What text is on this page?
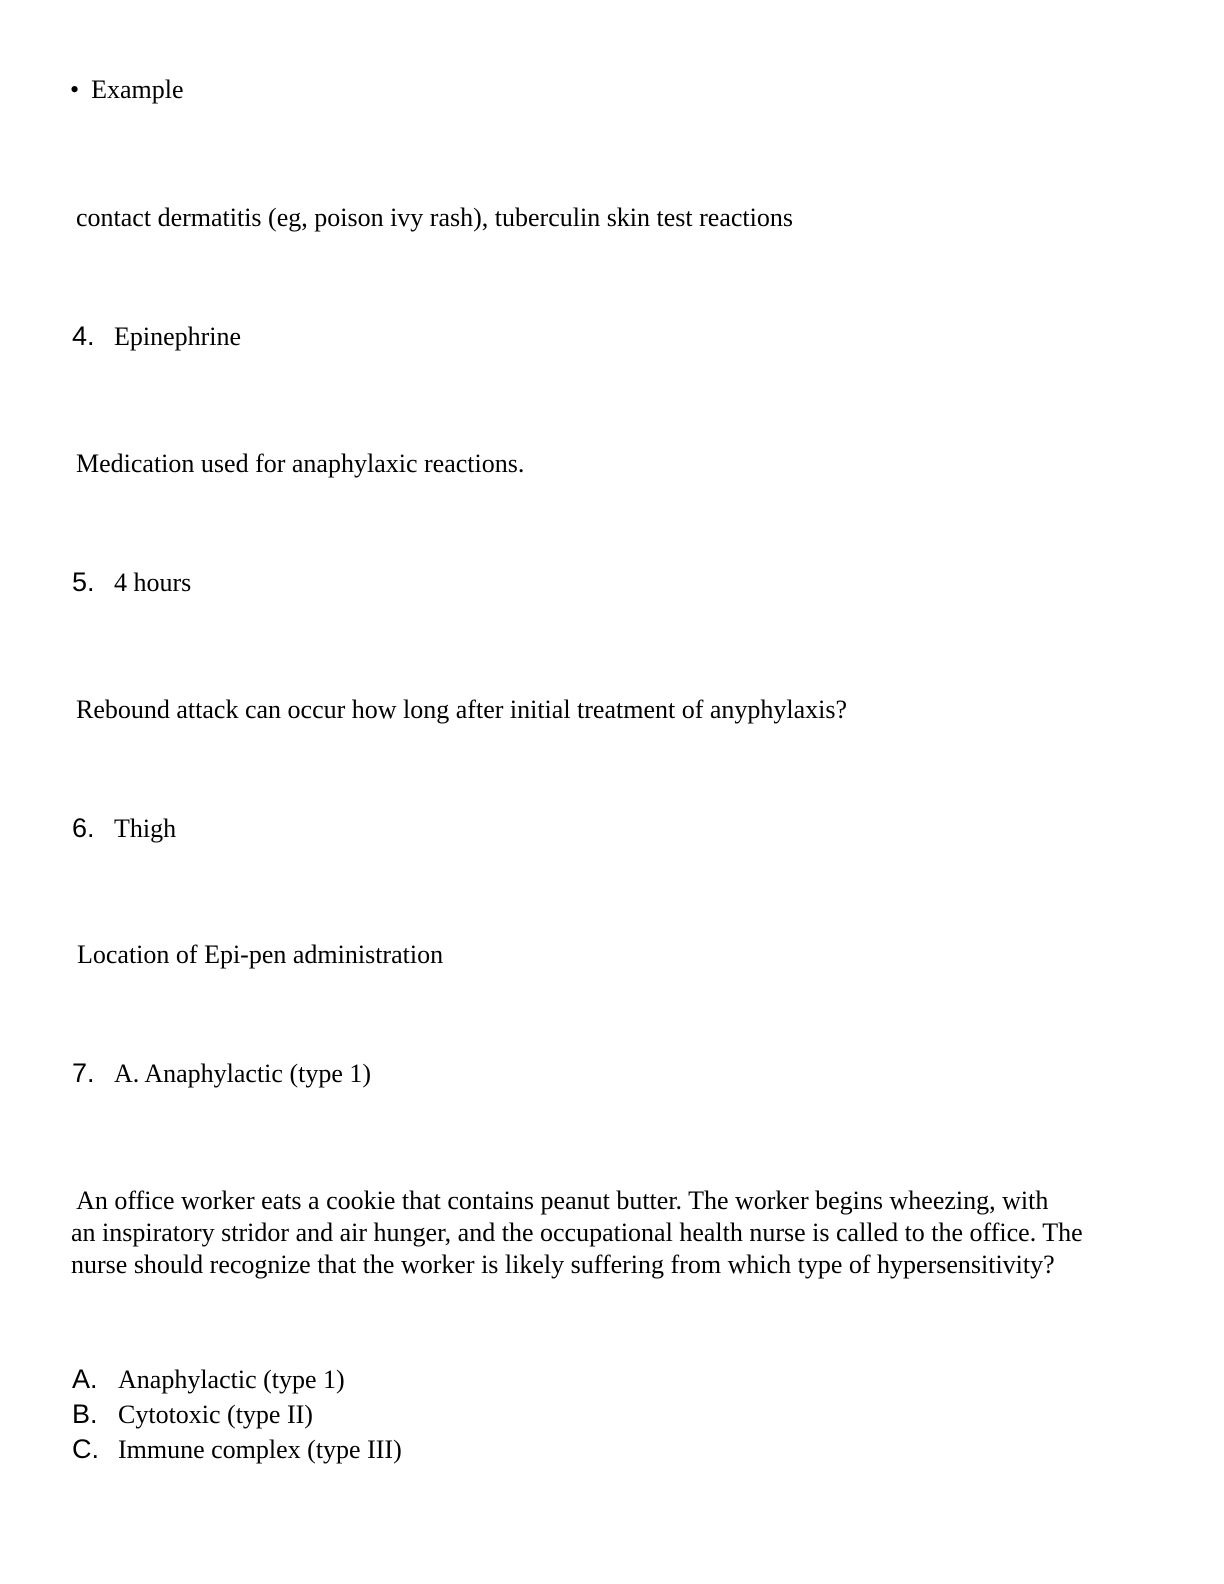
• Example
contact dermatitis (eg, poison ivy rash), tuberculin skin test reactions
4. Epinephrine
Medication used for anaphylaxic reactions.
5. 4 hours
Rebound attack can occur how long after initial treatment of anyphylaxis?
6. Thigh
Location of Epi-pen administration
7. A. Anaphylactic (type 1)
An office worker eats a cookie that contains peanut butter. The worker begins wheezing, with
an inspiratory stridor and air hunger, and the occupational health nurse is called to the office. The
nurse should recognize that the worker is likely suffering from which type of hypersensitivity?
A. Anaphylactic (type 1)
B. Cytotoxic (type II)
C. Immune complex (type III)
